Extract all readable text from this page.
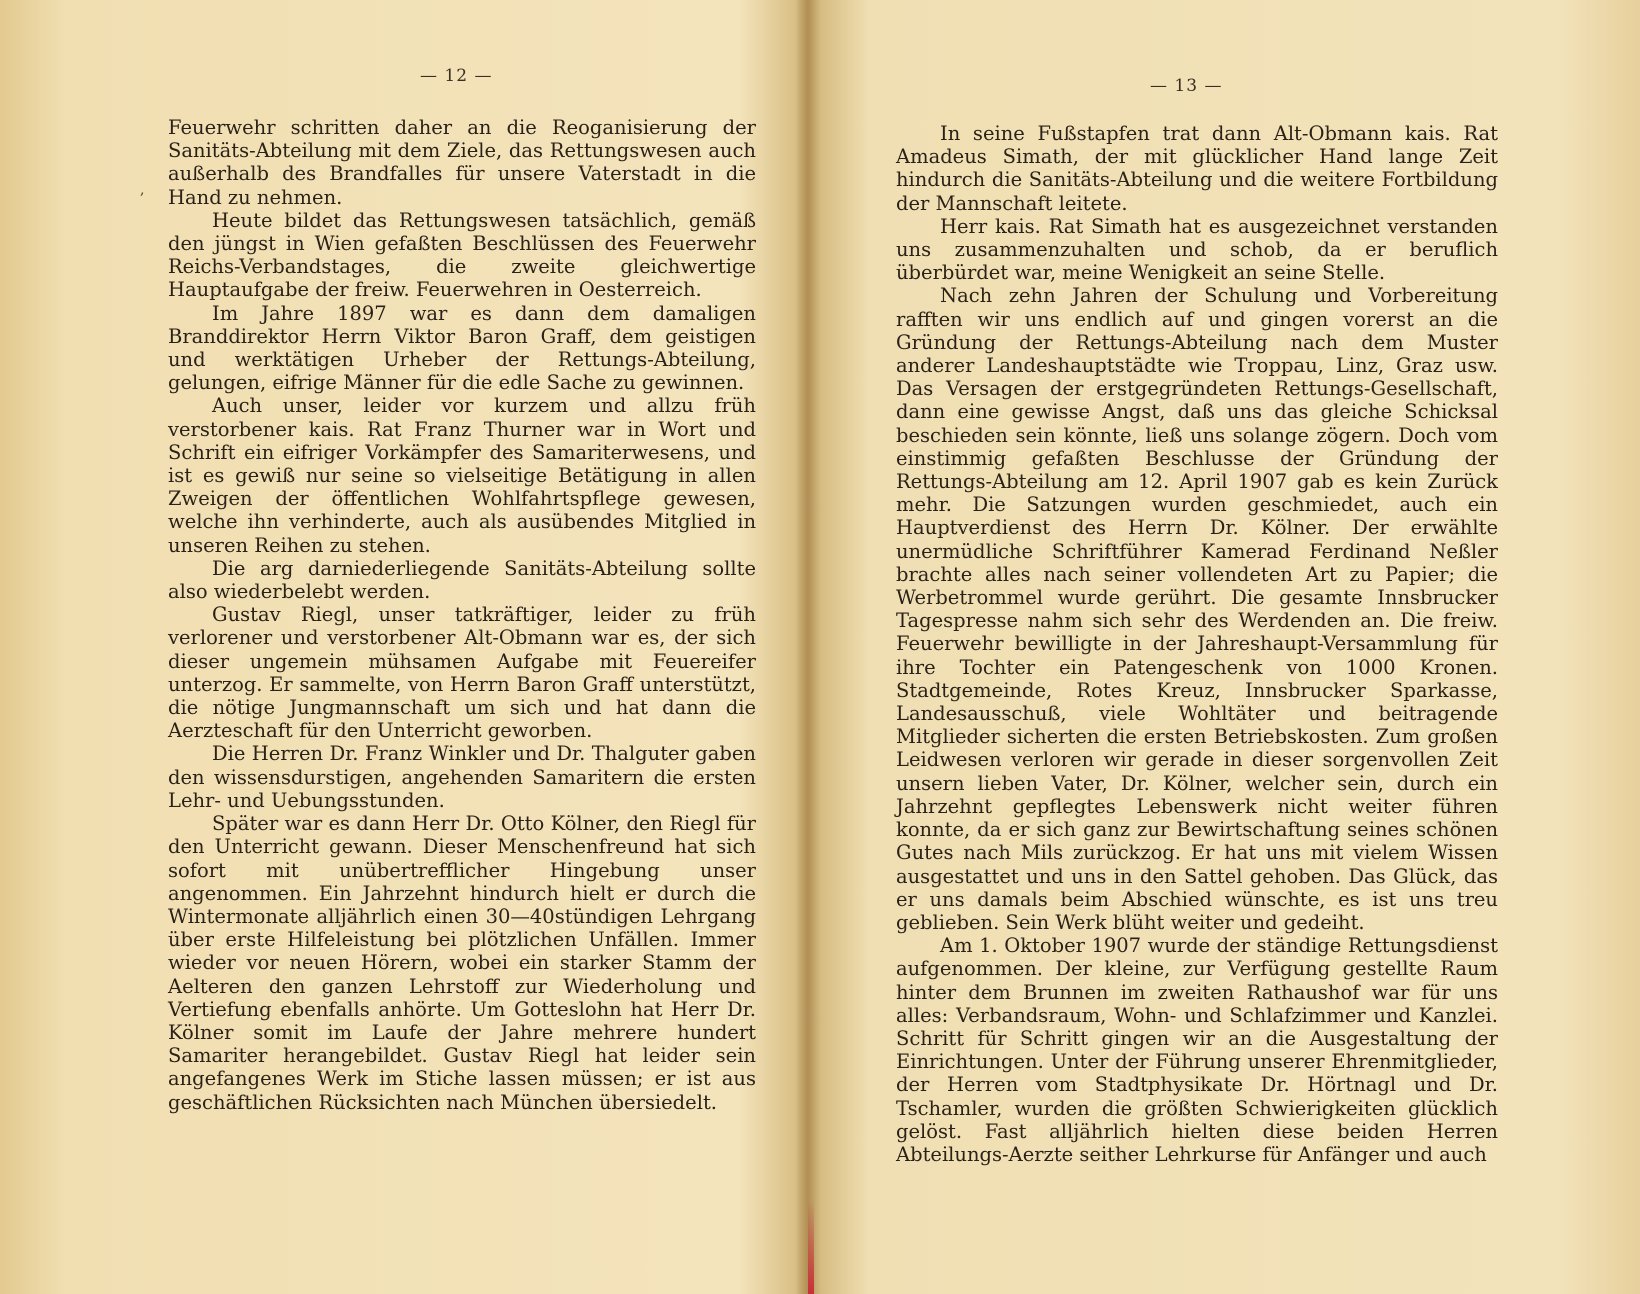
— 12 —
,

Feuerwehr schritten daher an die Reoganisierung der Sanitäts-Abteilung mit dem Ziele, das Rettungswesen auch außerhalb des Brandfalles für unsere Vaterstadt in die Hand zu nehmen.

Heute bildet das Rettungswesen tatsächlich, gemäß den jüngst in Wien gefaßten Beschlüssen des Feuerwehr Reichs-Verbandstages, die zweite gleichwertige Hauptaufgabe der freiw. Feuerwehren in Oesterreich.

Im Jahre 1897 war es dann dem damaligen Branddirektor Herrn Viktor Baron Graff, dem geistigen und werktätigen Urheber der Rettungs-Abteilung, gelungen, eifrige Männer für die edle Sache zu gewinnen.

Auch unser, leider vor kurzem und allzu früh verstorbener kais. Rat Franz Thurner war in Wort und Schrift ein eifriger Vorkämpfer des Samariterwesens, und ist es gewiß nur seine so vielseitige Betätigung in allen Zweigen der öffentlichen Wohlfahrtspflege gewesen, welche ihn verhinderte, auch als ausübendes Mitglied in unseren Reihen zu stehen.

Die arg darniederliegende Sanitäts-Abteilung sollte also wiederbelebt werden.

Gustav Riegl, unser tatkräftiger, leider zu früh verlorener und verstorbener Alt-Obmann war es, der sich dieser ungemein mühsamen Aufgabe mit Feuereifer unterzog. Er sammelte, von Herrn Baron Graff unterstützt, die nötige Jungmannschaft um sich und hat dann die Aerzteschaft für den Unterricht geworben.

Die Herren Dr. Franz Winkler und Dr. Thalguter gaben den wissensdurstigen, angehenden Samaritern die ersten Lehr- und Uebungsstunden.

Später war es dann Herr Dr. Otto Kölner, den Riegl für den Unterricht gewann. Dieser Menschenfreund hat sich sofort mit unübertrefflicher Hingebung unser angenommen. Ein Jahrzehnt hindurch hielt er durch die Wintermonate alljährlich einen 30—40stündigen Lehrgang über erste Hilfeleistung bei plötzlichen Unfällen. Immer wieder vor neuen Hörern, wobei ein starker Stamm der Aelteren den ganzen Lehrstoff zur Wiederholung und Vertiefung ebenfalls anhörte. Um Gotteslohn hat Herr Dr. Kölner somit im Laufe der Jahre mehrere hundert Samariter herangebildet. Gustav Riegl hat leider sein angefangenes Werk im Stiche lassen müssen; er ist aus geschäftlichen Rücksichten nach München übersiedelt.

— 13 —

In seine Fußstapfen trat dann Alt-Obmann kais. Rat Amadeus Simath, der mit glücklicher Hand lange Zeit hindurch die Sanitäts-Abteilung und die weitere Fortbildung der Mannschaft leitete.

Herr kais. Rat Simath hat es ausgezeichnet verstanden uns zusammenzuhalten und schob, da er beruflich überbürdet war, meine Wenigkeit an seine Stelle.

Nach zehn Jahren der Schulung und Vorbereitung rafften wir uns endlich auf und gingen vorerst an die Gründung der Rettungs-Abteilung nach dem Muster anderer Landeshauptstädte wie Troppau, Linz, Graz usw. Das Versagen der erstgegründeten Rettungs-Gesellschaft, dann eine gewisse Angst, daß uns das gleiche Schicksal beschieden sein könnte, ließ uns solange zögern. Doch vom einstimmig gefaßten Beschlusse der Gründung der Rettungs-Abteilung am 12. April 1907 gab es kein Zurück mehr. Die Satzungen wurden geschmiedet, auch ein Hauptverdienst des Herrn Dr. Kölner. Der erwählte unermüdliche Schriftführer Kamerad Ferdinand Neßler brachte alles nach seiner vollendeten Art zu Papier; die Werbetrommel wurde gerührt. Die gesamte Innsbrucker Tagespresse nahm sich sehr des Werdenden an. Die freiw. Feuerwehr bewilligte in der Jahreshaupt-Versammlung für ihre Tochter ein Patengeschenk von 1000 Kronen. Stadtgemeinde, Rotes Kreuz, Innsbrucker Sparkasse, Landesausschuß, viele Wohltäter und beitragende Mitglieder sicherten die ersten Betriebskosten. Zum großen Leidwesen verloren wir gerade in dieser sorgenvollen Zeit unsern lieben Vater, Dr. Kölner, welcher sein, durch ein Jahrzehnt gepflegtes Lebenswerk nicht weiter führen konnte, da er sich ganz zur Bewirtschaftung seines schönen Gutes nach Mils zurückzog. Er hat uns mit vielem Wissen ausgestattet und uns in den Sattel gehoben. Das Glück, das er uns damals beim Abschied wünschte, es ist uns treu geblieben. Sein Werk blüht weiter und gedeiht.

Am 1. Oktober 1907 wurde der ständige Rettungsdienst aufgenommen. Der kleine, zur Verfügung gestellte Raum hinter dem Brunnen im zweiten Rathaushof war für uns alles: Verbandsraum, Wohn- und Schlafzimmer und Kanzlei. Schritt für Schritt gingen wir an die Ausgestaltung der Einrichtungen. Unter der Führung unserer Ehrenmitglieder, der Herren vom Stadtphysikate Dr. Hörtnagl und Dr. Tschamler, wurden die größten Schwierigkeiten glücklich gelöst. Fast alljährlich hielten diese beiden Herren Abteilungs-Aerzte seither Lehrkurse für Anfänger und auch
